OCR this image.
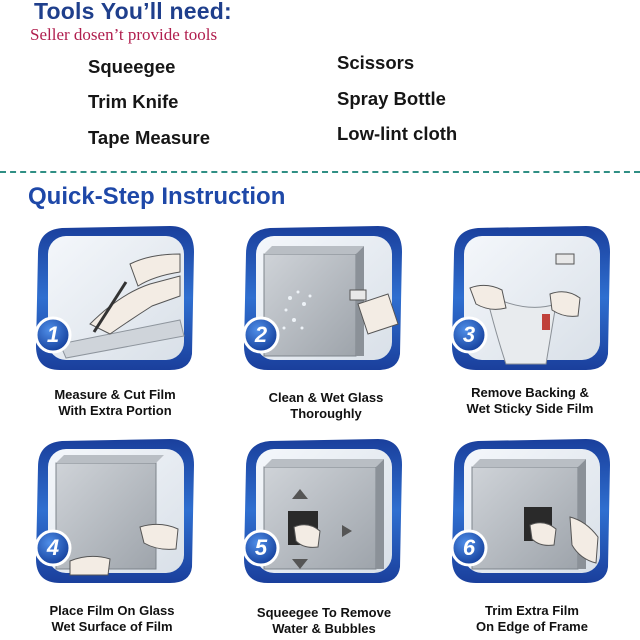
Tools You’ll need:
Seller dosen’t provide tools
Squeegee
Trim Knife
Tape Measure
Scissors
Spray Bottle
Low-lint cloth
Quick-Step Instruction
1	2	3
4	5	6
Measure & Cut Film
With Extra Portion
Clean & Wet Glass
Thoroughly
Remove Backing &
Wet Sticky Side Film
Place Film On Glass
Wet Surface of Film
Squeegee To Remove
Water & Bubbles
Trim Extra Film
On Edge of Frame
